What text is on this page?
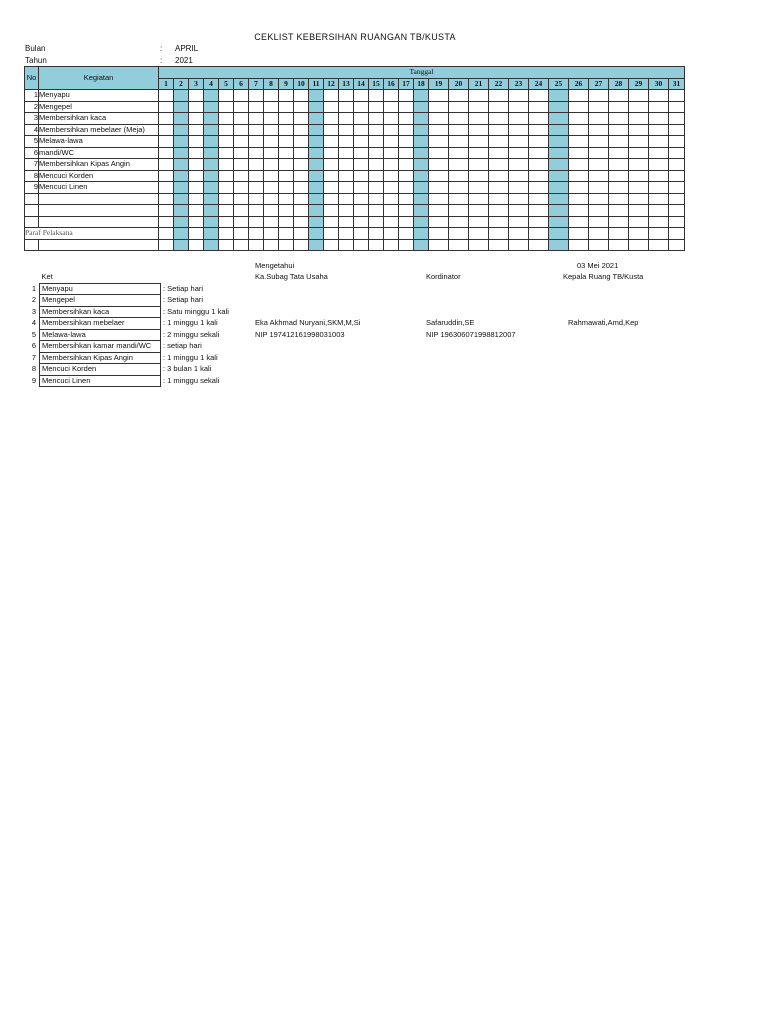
CEKLIST KEBERSIHAN RUANGAN TB/KUSTA
Bulan	: APRIL
Tahun	: 2021
No	Kegiatan	Tanggal																														
		1	2	3	4	5	6	7	8	9	10	11	12	13	14	15	16	17	18	19	20	21	22	23	24	25	26	27	28	29	30	31
1	Menyapu																															
2	Mengepel																															
3	Membersihkan kaca																															
4	Membersihkan mebelaer (Meja)																															
5	Melawa-lawa																															
6	mandi/WC																															
7	Membersihkan Kipas Angin																															
8	Mencuci Korden																															
9	Mencuci Linen																															

Paraf Pelaksana																																

	Ket	
1	Menyapu	: Setiap hari
2	Mengepel	: Setiap hari
3	Membersihkan kaca	: Satu minggu 1 kali
4	Membersihkan mebelaer	: 1 minggu 1 kali
5	Melawa-lawa	: 2 minggu sekali
6	Membersihkan kamar mandi/WC	: setiap hari
7	Membersihkan Kipas Angin	: 1 minggu 1 kali
8	Mencuci Korden	: 3 bulan 1 kali
9	Mencuci Linen	: 1 minggu sekali
Mengetahui	03 Mei 2021
Ka.Subag Tata Usaha	Kordinator	Kepala Ruang TB/Kusta
Eka Akhmad Nuryani,SKM,M,Si	Safaruddin,SE	Rahmawati,Amd,Kep
NIP 197412161998031003	NIP 196306071998812007
